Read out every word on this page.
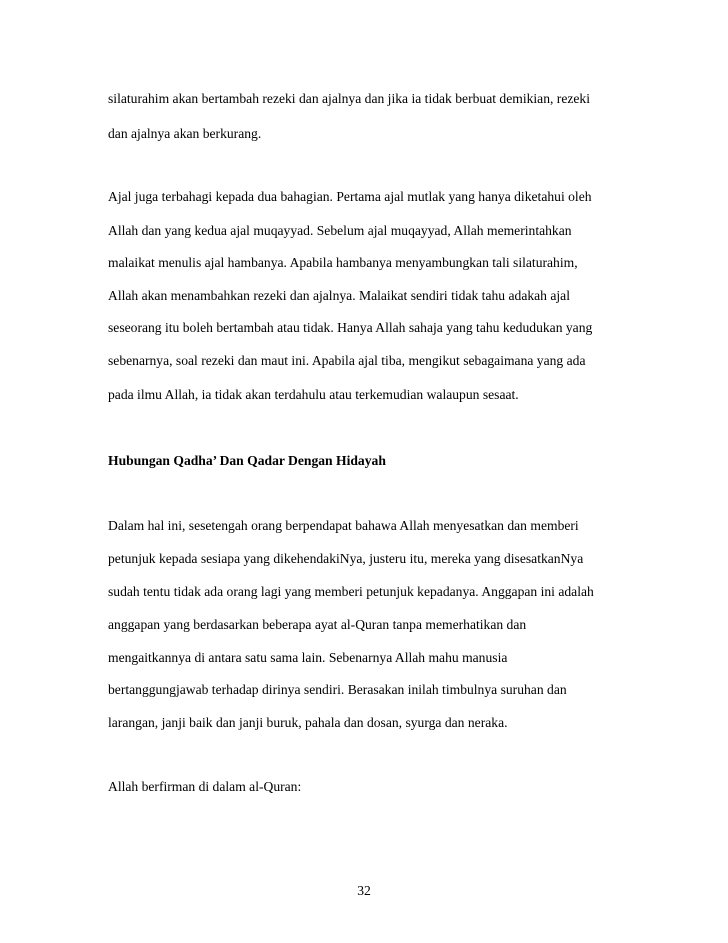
silaturahim akan bertambah rezeki dan ajalnya dan jika ia tidak berbuat demikian, rezeki
dan ajalnya akan berkurang.
Ajal juga terbahagi kepada dua bahagian. Pertama ajal mutlak yang hanya diketahui oleh
Allah dan yang kedua ajal muqayyad. Sebelum ajal muqayyad, Allah memerintahkan
malaikat menulis ajal hambanya. Apabila hambanya menyambungkan tali silaturahim,
Allah akan menambahkan rezeki dan ajalnya. Malaikat sendiri tidak tahu adakah ajal
seseorang itu boleh bertambah atau tidak. Hanya Allah sahaja yang tahu kedudukan yang
sebenarnya, soal rezeki dan maut ini. Apabila ajal tiba, mengikut sebagaimana yang ada
pada ilmu Allah, ia tidak akan terdahulu atau terkemudian walaupun sesaat.
Hubungan Qadha’ Dan Qadar Dengan Hidayah
Dalam hal ini, sesetengah orang berpendapat bahawa Allah menyesatkan dan memberi
petunjuk kepada sesiapa yang dikehendakiNya, justeru itu, mereka yang disesatkanNya
sudah tentu tidak ada orang lagi yang memberi petunjuk kepadanya. Anggapan ini adalah
anggapan yang berdasarkan beberapa ayat al-Quran tanpa memerhatikan dan
mengaitkannya di antara satu sama lain. Sebenarnya Allah mahu manusia
bertanggungjawab terhadap dirinya sendiri. Berasakan inilah timbulnya suruhan dan
larangan, janji baik dan janji buruk, pahala dan dosan, syurga dan neraka.
Allah berfirman di dalam al-Quran:
32
